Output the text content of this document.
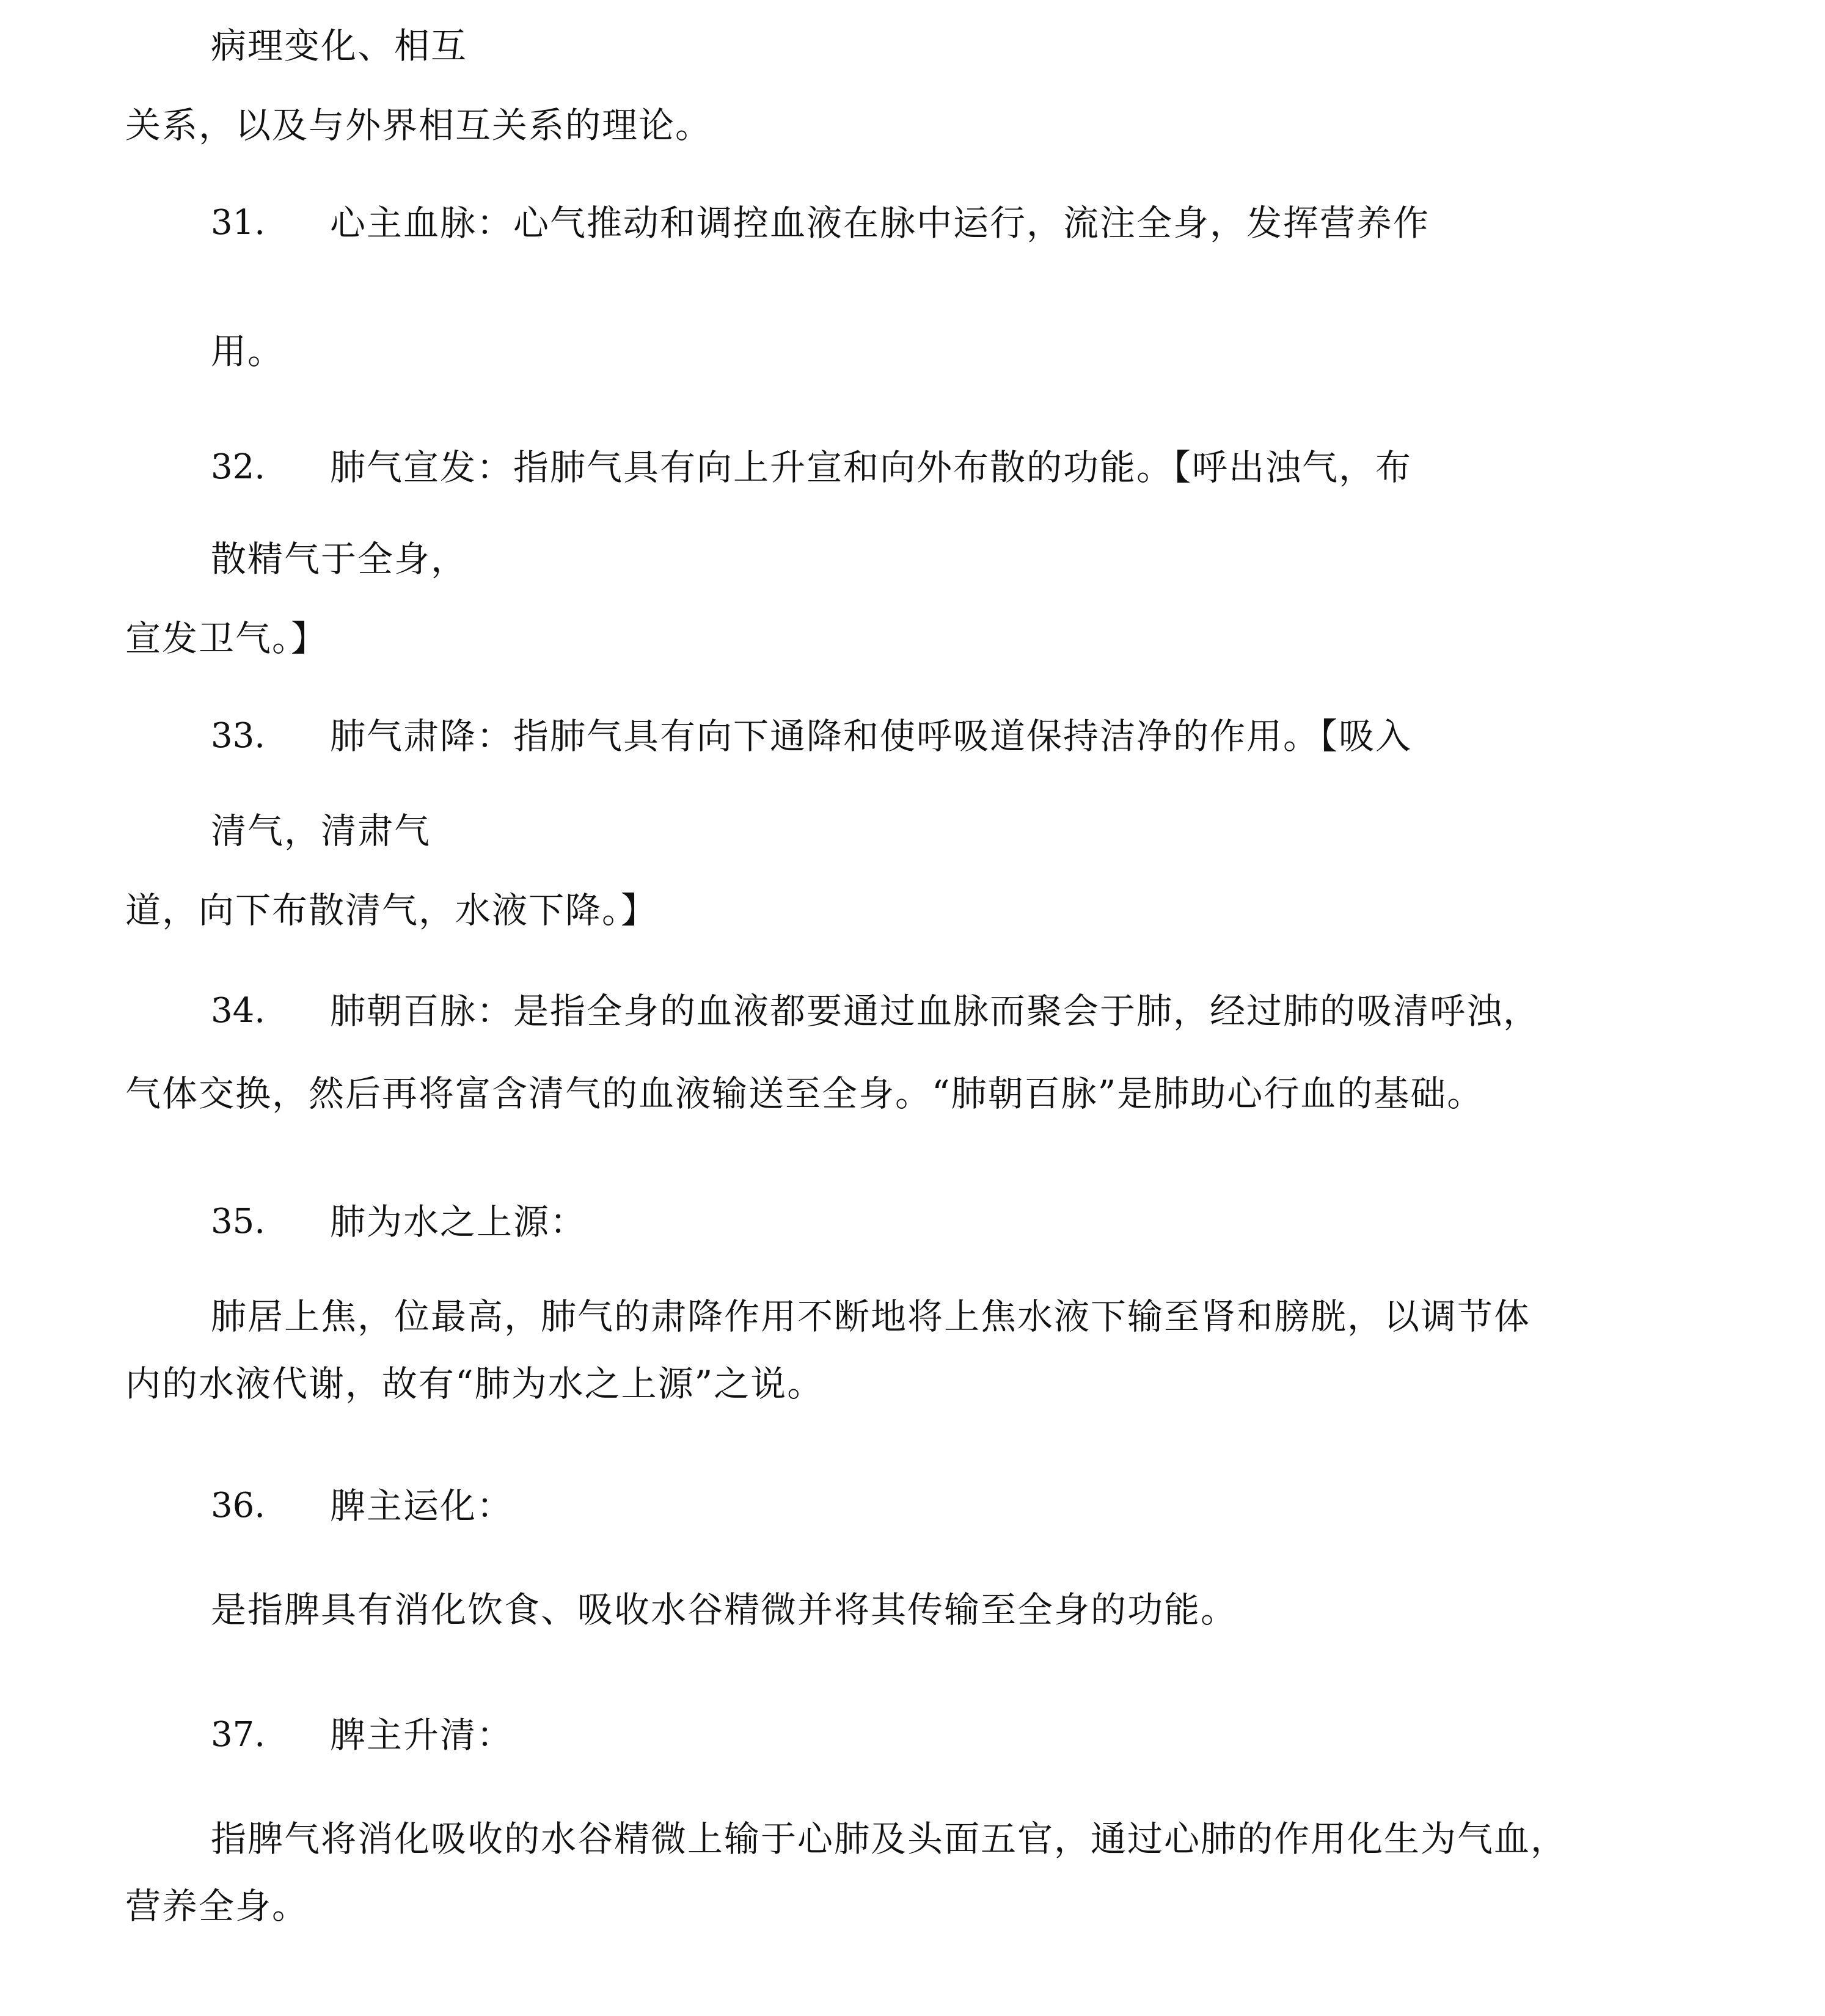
病理变化、相互
关系，以及与外界相互关系的理论。
31. 心主血脉：心气推动和调控血液在脉中运行，流注全身，发挥营养作
用。
32. 肺气宣发：指肺气具有向上升宣和向外布散的功能。【呼出浊气，布
散精气于全身，
宣发卫气。】
33. 肺气肃降：指肺气具有向下通降和使呼吸道保持洁净的作用。【吸入
清气，清肃气
道，向下布散清气，水液下降。】
34. 肺朝百脉：是指全身的血液都要通过血脉而聚会于肺，经过肺的吸清呼浊，
气体交换，然后再将富含清气的血液输送至全身。“肺朝百脉”是肺助心行血的基础。
35. 肺为水之上源：
肺居上焦，位最高，肺气的肃降作用不断地将上焦水液下输至肾和膀胱，以调节体
内的水液代谢，故有“肺为水之上源”之说。
36. 脾主运化：
是指脾具有消化饮食、吸收水谷精微并将其传输至全身的功能。
37. 脾主升清：
指脾气将消化吸收的水谷精微上输于心肺及头面五官，通过心肺的作用化生为气血，
营养全身。
